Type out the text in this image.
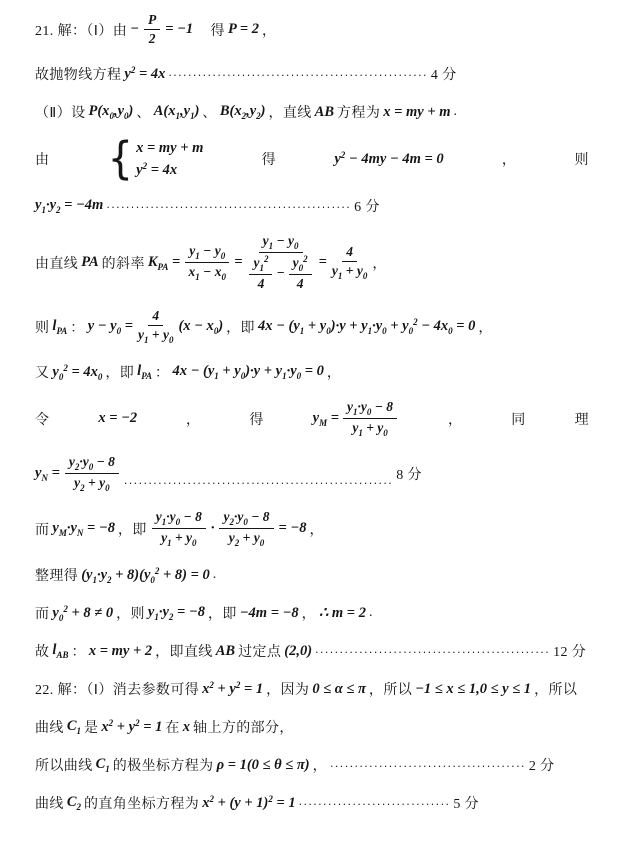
21. 解：（Ⅰ）由 − $\frac{P}{2} = -1$ 　得 P = 2 ，
故抛物线方程 $y^2 = 4x$ ····················································· 4 分
（Ⅱ）设 $P(x_0,y_0)$ 、 $A(x_1,y_1)$ 、 $B(x_2,y_2)$ ，直线 AB 方程为 x = my + m .
由 { x = my + m
$y^2 = 4x$
得	$y^2 - 4my - 4m = 0$	，	则
$y_1\cdot y_2 = -4m$ ·················································· 6 分
由直线 PA 的斜率 $K_{PA} = \frac{y_1 - y_0}{x_1 - x_0} = \frac{y_1 - y_0}{\frac{y_1^2}{4} - \frac{y_0^2}{4}} = \frac{4}{y_1 + y_0}$ ，
则 $l_{PA}$ ： $y - y_0 = \frac{4}{y_1 + y_0} (x - x_0)$ ，即 $4x - (y_1 + y_0)\cdot y + y_1\cdot y_0 + y_0^2 - 4x_0 = 0$ ，
又 $y_0^2 = 4x_0$ ，即 $l_{PA}$ ： $4x - (y_1 + y_0)\cdot y + y_1\cdot y_0 = 0$ ，
令	x = −2	，	得	$y_M = \frac{y_1\cdot y_0 - 8}{y_1 + y_0}$	，	同	理
$y_N = \frac{y_2\cdot y_0 - 8}{y_2 + y_0}$ ·······················································
8 分
而 $y_M\cdot y_N = -8$ ，即 $\frac{y_1\cdot y_0 - 8}{y_1 + y_0} \cdot \frac{y_2\cdot y_0 - 8}{y_2 + y_0} = -8$ ，
整理得 $(y_1\cdot y_2 + 8)(y_0^2 + 8) = 0$ .
而 $y_0^2 + 8 \ne 0$ ，则 $y_1\cdot y_2 = -8$ ，即 −4m = −8 ， ∴ m = 2 .
故 $l_{AB}$ ： x = my + 2 ，即直线 AB 过定点 (2,0) ················································ 12 分
22. 解：（Ⅰ）消去参数可得 $x^2 + y^2 = 1$ ，因为 0 ≤ α ≤ π ，所以 −1 ≤ x ≤ 1,0 ≤ y ≤ 1 ，所以
曲线 $C_1$ 是 $x^2 + y^2 = 1$ 在 x 轴上方的部分，
所以曲线 $C_1$ 的极坐标方程为 ρ = 1(0 ≤ θ ≤ π) ， ········································ 2 分
曲线 $C_2$ 的直角坐标方程为 $x^2 + (y + 1)^2 = 1$ ······························· 5 分
